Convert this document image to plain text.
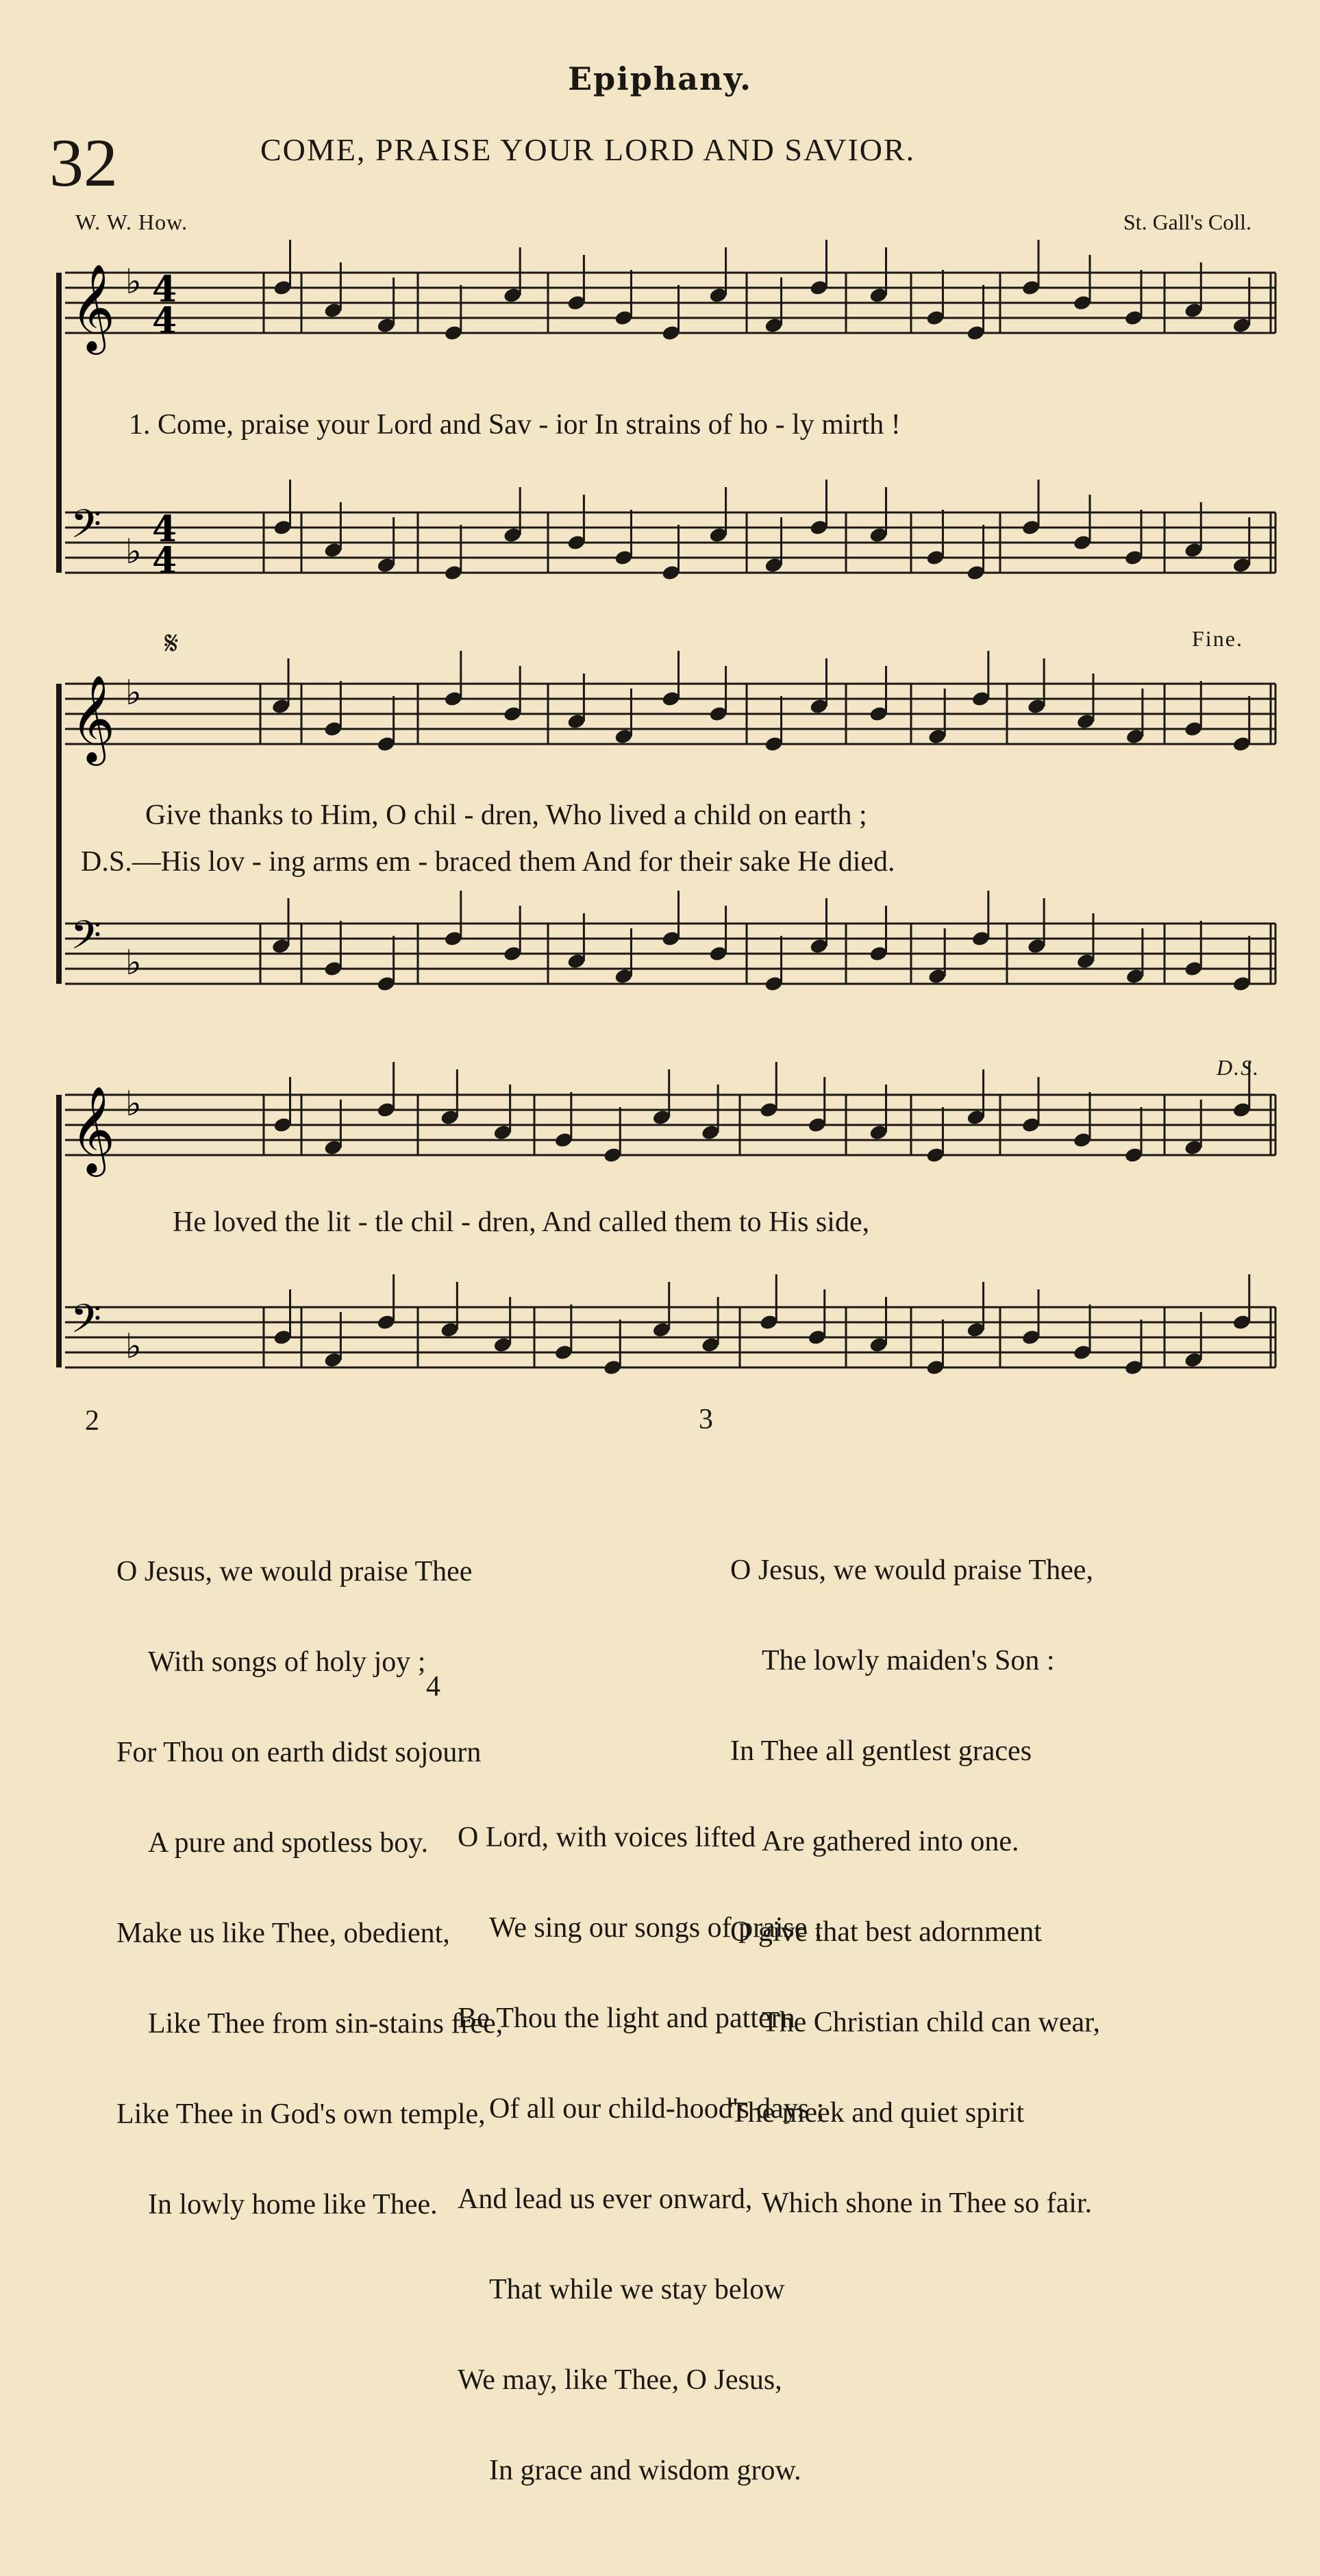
Epiphany.
32	COME, PRAISE YOUR LORD AND SAVIOR.
W. W. How.	St. Gall's Coll.
𝄞 ♭
𝄢 ♭
𝄞 ♭
𝄢 ♭
𝄞 ♭
𝄢 ♭
4
4
4
4
𝄋	Fine.
D.S.
1. Come, praise your Lord and Sav - ior In strains of ho - ly mirth !
Give thanks to Him, O chil - dren, Who lived a child on earth ;
D.S.—His lov - ing arms em - braced them And for their sake He died.
He loved the lit - tle chil - dren, And called them to His side,

2

O Jesus, we would praise Thee

With songs of holy joy ;

For Thou on earth didst sojourn

A pure and spotless boy.

Make us like Thee, obedient,

Like Thee from sin-stains free,

Like Thee in God's own temple,

In lowly home like Thee.

3

O Jesus, we would praise Thee,

The lowly maiden's Son :

In Thee all gentlest graces

Are gathered into one.

O give that best adornment

The Christian child can wear,

The meek and quiet spirit

Which shone in Thee so fair.

4

O Lord, with voices lifted

We sing our songs of praise ;

Be Thou the light and pattern

Of all our child-hood's days ;

And lead us ever onward,

That while we stay below

We may, like Thee, O Jesus,

In grace and wisdom grow.
